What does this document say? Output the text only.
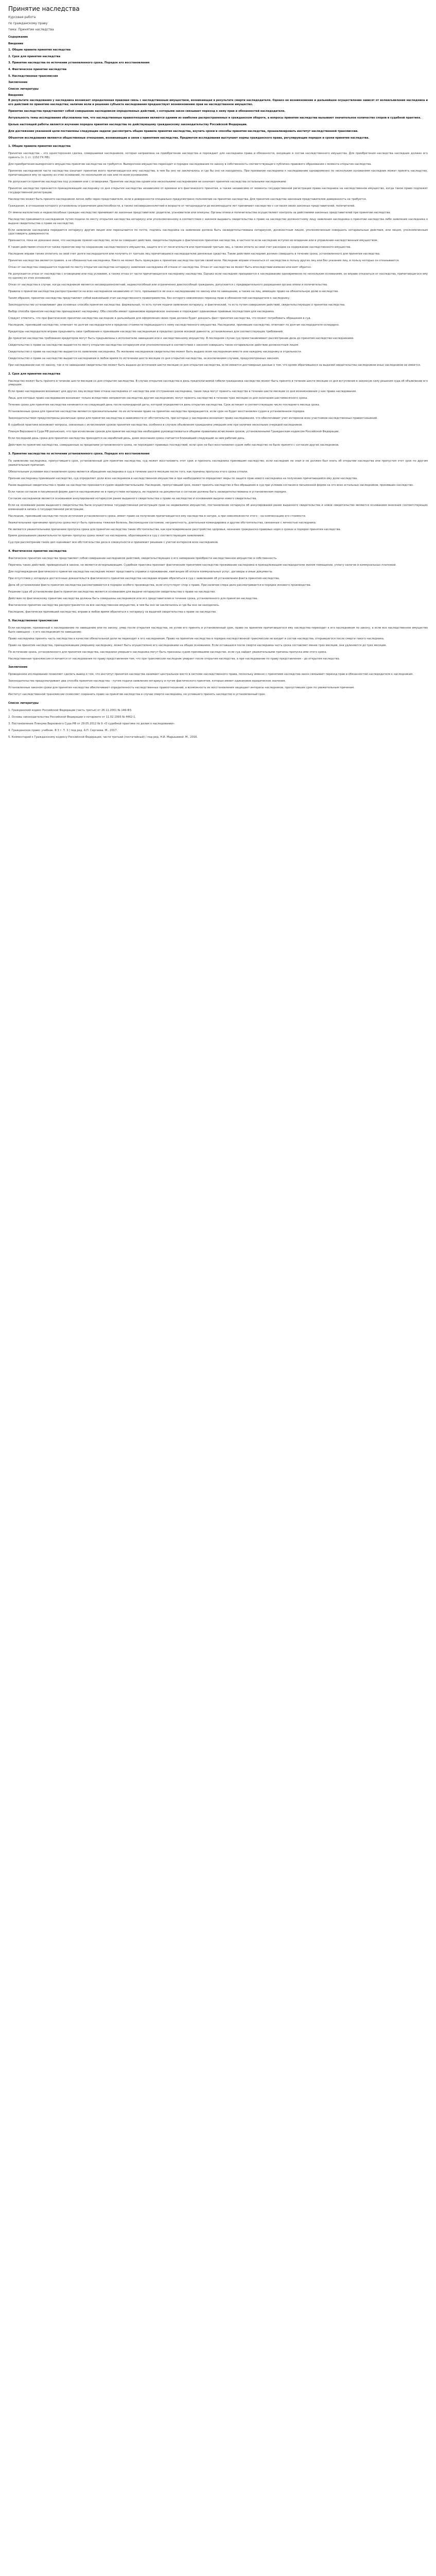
Принятие наследства
Курсовая работа
по гражданскому праву
тема: Принятие наследства
Содержание
Введение
1. Общие правила принятия наследства
2. Срок для принятия наследства
3. Принятие наследства по истечении установленного срока. Порядок его восстановления
4. Фактическое принятие наследства
5. Наследственная трансмиссия
Заключение
Список литературы
Введение
В результате наследования у наследника возникает определенная правовая связь с наследственным имуществом, возникающая в результате смерти наследодателя. Однако ее возникновение и дальнейшее осуществление зависят от волеизъявления наследника и его действий по принятию наследства; наличие воли и решения субъекта наследования предшествует возникновению прав на наследственное имущество.
Принятие наследства представляет собой совершение наследником определенных действий, с которыми закон связывает переход к нему прав и обязанностей наследодателя.
Актуальность темы исследования обусловлена тем, что наследственные правоотношения являются одними из наиболее распространенных в гражданском обороте, а вопросы принятия наследства вызывают значительное количество споров в судебной практике.
Целью настоящей работы является изучение порядка принятия наследства по действующему гражданскому законодательству Российской Федерации.
Для достижения указанной цели поставлены следующие задачи: рассмотреть общие правила принятия наследства, изучить сроки и способы принятия наследства, проанализировать институт наследственной трансмиссии.
Объектом исследования являются общественные отношения, возникающие в связи с принятием наследства. Предметом исследования выступают нормы гражданского права, регулирующие порядок и сроки принятия наследства.
1. Общие правила принятия наследства
Принятие наследства – это односторонняя сделка, совершаемая наследником, которая направлена на приобретение наследства и порождает для наследника права и обязанности, входящие в состав наследственного имущества. Для приобретения наследства наследник должен его принять (п. 1 ст. 1152 ГК РФ).
Для приобретения выморочного имущества принятие наследства не требуется. Выморочное имущество переходит в порядке наследования по закону в собственность соответствующего публично-правового образования с момента открытия наследства.
Принятие наследником части наследства означает принятие всего причитающегося ему наследства, в чем бы оно ни заключалось и где бы оно ни находилось. При призвании наследника к наследованию одновременно по нескольким основаниям наследник может принять наследство, причитающееся ему по одному из этих оснований, по нескольким из них или по всем основаниям.
Не допускается принятие наследства под условием или с оговорками. Принятие наследства одним или несколькими наследниками не означает принятия наследства остальными наследниками.
Принятое наследство признается принадлежащим наследнику со дня открытия наследства независимо от времени его фактического принятия, а также независимо от момента государственной регистрации права наследника на наследственное имущество, когда такое право подлежит государственной регистрации.
Наследство может быть принято наследником лично либо через представителя, если в доверенности специально предусмотрено полномочие на принятие наследства. Для принятия наследства законным представителем доверенность не требуется.
Гражданин, в отношении которого установлены ограничения дееспособности, а также несовершеннолетний в возрасте от четырнадцати до восемнадцати лет принимают наследство с согласия своих законных представителей, попечителей.
От имени малолетних и недееспособных граждан наследство принимают их законные представители: родители, усыновители или опекуны. Органы опеки и попечительства осуществляют контроль за действиями законных представителей при принятии наследства.
Наследство принимается наследником путем подачи по месту открытия наследства нотариусу или уполномоченному в соответствии с законом выдавать свидетельства о праве на наследство должностному лицу заявления наследника о принятии наследства либо заявления наследника о выдаче свидетельства о праве на наследство.
Если заявление наследника передается нотариусу другим лицом или пересылается по почте, подпись наследника на заявлении должна быть засвидетельствована нотариусом, должностным лицом, уполномоченным совершать нотариальные действия, или лицом, уполномоченным удостоверять доверенности.
Признается, пока не доказано иное, что наследник принял наследство, если он совершил действия, свидетельствующие о фактическом принятии наследства, в частности если наследник вступил во владение или в управление наследственным имуществом.
К таким действиям относятся также принятие мер по сохранению наследственного имущества, защите его от посягательств или притязаний третьих лиц, а также оплата за свой счет расходов на содержание наследственного имущества.
Наследник вправе также оплатить за свой счет долги наследодателя или получить от третьих лиц причитавшиеся наследодателю денежные средства. Такие действия наследник должен совершить в течение срока, установленного для принятия наследства.
Принятие наследства является правом, а не обязанностью наследника. Никто не может быть принужден к принятию наследства против своей воли. Наследник вправе отказаться от наследства в пользу других лиц или без указания лиц, в пользу которых он отказывается.
Отказ от наследства совершается подачей по месту открытия наследства нотариусу заявления наследника об отказе от наследства. Отказ от наследства не может быть впоследствии изменен или взят обратно.
Не допускается отказ от наследства с оговорками или под условием, а также отказ от части причитающегося наследнику наследства. Однако если наследник призывается к наследованию одновременно по нескольким основаниям, он вправе отказаться от наследства, причитающегося ему по одному из этих оснований.
Отказ от наследства в случае, когда наследником является несовершеннолетний, недееспособный или ограниченно дееспособный гражданин, допускается с предварительного разрешения органа опеки и попечительства.
Правила о принятии наследства распространяются на всех наследников независимо от того, призываются ли они к наследованию по закону или по завещанию, а также на лиц, имеющих право на обязательную долю в наследстве.
Таким образом, принятие наследства представляет собой важнейший этап наследственного правопреемства, без которого невозможен переход прав и обязанностей наследодателя к наследнику.
Законодательство устанавливает два основных способа принятия наследства: формальный, то есть путем подачи заявления нотариусу, и фактический, то есть путем совершения действий, свидетельствующих о принятии наследства.
Выбор способа принятия наследства принадлежит наследнику. Оба способа имеют одинаковое юридическое значение и порождают одинаковые правовые последствия для наследника.
Следует отметить, что при фактическом принятии наследства наследник в дальнейшем для оформления своих прав должен будет доказать факт принятия наследства, что может потребовать обращения в суд.
Наследник, принявший наследство, отвечает по долгам наследодателя в пределах стоимости перешедшего к нему наследственного имущества. Наследники, принявшие наследство, отвечают по долгам наследодателя солидарно.
Кредиторы наследодателя вправе предъявить свои требования к принявшим наследство наследникам в пределах сроков исковой давности, установленных для соответствующих требований.
До принятия наследства требования кредиторов могут быть предъявлены к исполнителю завещания или к наследственному имуществу. В последнем случае суд приостанавливает рассмотрение дела до принятия наследства наследниками.
Свидетельство о праве на наследство выдается по месту открытия наследства нотариусом или уполномоченным в соответствии с законом совершать такое нотариальное действие должностным лицом.
Свидетельство о праве на наследство выдается по заявлению наследника. По желанию наследников свидетельство может быть выдано всем наследникам вместе или каждому наследнику в отдельности.
Свидетельство о праве на наследство выдается наследникам в любое время по истечении шести месяцев со дня открытия наследства, за исключением случаев, предусмотренных законом.
При наследовании как по закону, так и по завещанию свидетельство может быть выдано до истечения шести месяцев со дня открытия наследства, если имеются достоверные данные о том, что кроме обратившихся за выдачей свидетельства наследников иных наследников не имеется.
2. Срок для принятия наследства
Наследство может быть принято в течение шести месяцев со дня открытия наследства. В случае открытия наследства в день предполагаемой гибели гражданина наследство может быть принято в течение шести месяцев со дня вступления в законную силу решения суда об объявлении его умершим.
Если право наследования возникает для других лиц вследствие отказа наследника от наследства или отстранения наследника, такие лица могут принять наследство в течение шести месяцев со дня возникновения у них права наследования.
Лица, для которых право наследования возникает только вследствие непринятия наследства другим наследником, могут принять наследство в течение трех месяцев со дня окончания шестимесячного срока.
Течение срока для принятия наследства начинается на следующий день после календарной даты, которой определяется день открытия наследства. Срок истекает в соответствующее число последнего месяца срока.
Установленные сроки для принятия наследства являются пресекательными: по их истечении право на принятие наследства прекращается, если срок не будет восстановлен судом в установленном порядке.
Законодательством предусмотрены различные сроки для принятия наследства в зависимости от обстоятельств, при которых у наследника возникает право наследования, что обеспечивает учет интересов всех участников наследственных правоотношений.
В судебной практике возникают вопросы, связанные с исчислением сроков принятия наследства, особенно в случаях объявления гражданина умершим или при наличии нескольких очередей наследников.
Пленум Верховного Суда РФ разъяснил, что при исчислении сроков для принятия наследства необходимо руководствоваться общими правилами исчисления сроков, установленными Гражданским кодексом Российской Федерации.
Если последний день срока для принятия наследства приходится на нерабочий день, днем окончания срока считается ближайший следующий за ним рабочий день.
Действия по принятию наследства, совершенные за пределами установленного срока, не порождают правовых последствий, если срок не был восстановлен судом либо наследство не было принято с согласия других наследников.
3. Принятие наследства по истечении установленного срока. Порядок его восстановления
По заявлению наследника, пропустившего срок, установленный для принятия наследства, суд может восстановить этот срок и признать наследника принявшим наследство, если наследник не знал и не должен был знать об открытии наследства или пропустил этот срок по другим уважительным причинам.
Обязательным условием восстановления срока является обращение наследника в суд в течение шести месяцев после того, как причины пропуска этого срока отпали.
Признав наследника принявшим наследство, суд определяет доли всех наследников в наследственном имуществе и при необходимости определяет меры по защите прав нового наследника на получение причитающейся ему доли наследства.
Ранее выданные свидетельства о праве на наследство признаются судом недействительными. Наследник, пропустивший срок, может принять наследство и без обращения в суд при условии согласия в письменной форме на это всех остальных наследников, принявших наследство.
Если такое согласие в письменной форме дается наследниками не в присутствии нотариуса, их подписи на документах о согласии должны быть засвидетельствованы в установленном порядке.
Согласие наследников является основанием аннулирования нотариусом ранее выданного свидетельства о праве на наследство и основанием выдачи нового свидетельства.
Если на основании ранее выданного свидетельства была осуществлена государственная регистрация прав на недвижимое имущество, постановление нотариуса об аннулировании ранее выданного свидетельства и новое свидетельство являются основанием внесения соответствующих изменений в запись о государственной регистрации.
Наследник, принявший наследство после истечения установленного срока, имеет право на получение причитающегося ему наследства в натуре, а при невозможности этого – на компенсацию его стоимости.
Уважительными причинами пропуска срока могут быть признаны тяжелая болезнь, беспомощное состояние, неграмотность, длительная командировка и другие обстоятельства, связанные с личностью наследника.
Не являются уважительными причинами пропуска срока для принятия наследства такие обстоятельства, как кратковременное расстройство здоровья, незнание гражданско-правовых норм о сроках и порядке принятия наследства.
Бремя доказывания уважительности причин пропуска срока лежит на наследнике, обратившемся в суд с соответствующим заявлением.
Суд при рассмотрении таких дел оценивает все обстоятельства дела в совокупности и принимает решение с учетом интересов всех наследников.
4. Фактическое принятие наследства
Фактическое принятие наследства представляет собой совершение наследником действий, свидетельствующих о его намерении приобрести наследственное имущество в собственность.
Перечень таких действий, приведенный в законе, не является исчерпывающим. Судебная практика признает фактическим принятием наследства проживание наследника в принадлежащем наследодателю жилом помещении, уплату налогов и коммунальных платежей.
Для подтверждения фактического принятия наследства наследник может представить справки о проживании, квитанции об оплате коммунальных услуг, договоры и иные документы.
При отсутствии у нотариуса достаточных доказательств фактического принятия наследства наследник вправе обратиться в суд с заявлением об установлении факта принятия наследства.
Дела об установлении факта принятия наследства рассматриваются в порядке особого производства, если отсутствует спор о праве. При наличии спора дело рассматривается в порядке искового производства.
Решение суда об установлении факта принятия наследства является основанием для выдачи нотариусом свидетельства о праве на наследство.
Действия по фактическому принятию наследства должны быть совершены наследником или его представителем в течение срока, установленного для принятия наследства.
Фактическое принятие наследства распространяется на все наследственное имущество, в чем бы оно ни заключалось и где бы оно ни находилось.
Наследник, фактически принявший наследство, вправе в любое время обратиться к нотариусу за выдачей свидетельства о праве на наследство.
5. Наследственная трансмиссия
Если наследник, призванный к наследованию по завещанию или по закону, умер после открытия наследства, не успев его принять в установленный срок, право на принятие причитавшегося ему наследства переходит к его наследникам по закону, а если все наследственное имущество было завещано – к его наследникам по завещанию.
Право наследника принять часть наследства в качестве обязательной доли не переходит к его наследникам. Право на принятие наследства в порядке наследственной трансмиссии не входит в состав наследства, открывшегося после смерти такого наследника.
Право на принятие наследства, принадлежавшее умершему наследнику, может быть осуществлено его наследниками на общих основаниях. Если оставшаяся после смерти наследника часть срока составляет менее трех месяцев, она удлиняется до трех месяцев.
По истечении срока, установленного для принятия наследства, наследники умершего наследника могут быть признаны судом принявшими наследство, если суд найдет уважительными причины пропуска ими этого срока.
Наследственная трансмиссия отличается от наследования по праву представления тем, что при трансмиссии наследник умирает после открытия наследства, а при наследовании по праву представления – до открытия наследства.
Заключение
Проведенное исследование позволяет сделать вывод о том, что институт принятия наследства занимает центральное место в системе наследственного права, поскольку именно с принятием наследства закон связывает переход прав и обязанностей наследодателя к наследникам.
Законодательство предусматривает два способа принятия наследства – путем подачи заявления нотариусу и путем фактического принятия, которые имеют одинаковое юридическое значение.
Установленные законом сроки для принятия наследства обеспечивают определенность наследственных правоотношений, а возможность их восстановления защищает интересы наследников, пропустивших срок по уважительным причинам.
Институт наследственной трансмиссии позволяет сохранить право на принятие наследства в случае смерти наследника, не успевшего принять наследство в установленный срок.
Список литературы
1. Гражданский кодекс Российской Федерации (часть третья) от 26.11.2001 № 146-ФЗ.
2. Основы законодательства Российской Федерации о нотариате от 11.02.1993 № 4462-1.
3. Постановление Пленума Верховного Суда РФ от 29.05.2012 № 9 «О судебной практике по делам о наследовании».
4. Гражданское право: учебник. В 3 т. Т. 3 / под ред. А.П. Сергеева. М., 2017.
5. Комментарий к Гражданскому кодексу Российской Федерации, части третьей (постатейный) / под ред. Н.И. Марышевой. М., 2016.
